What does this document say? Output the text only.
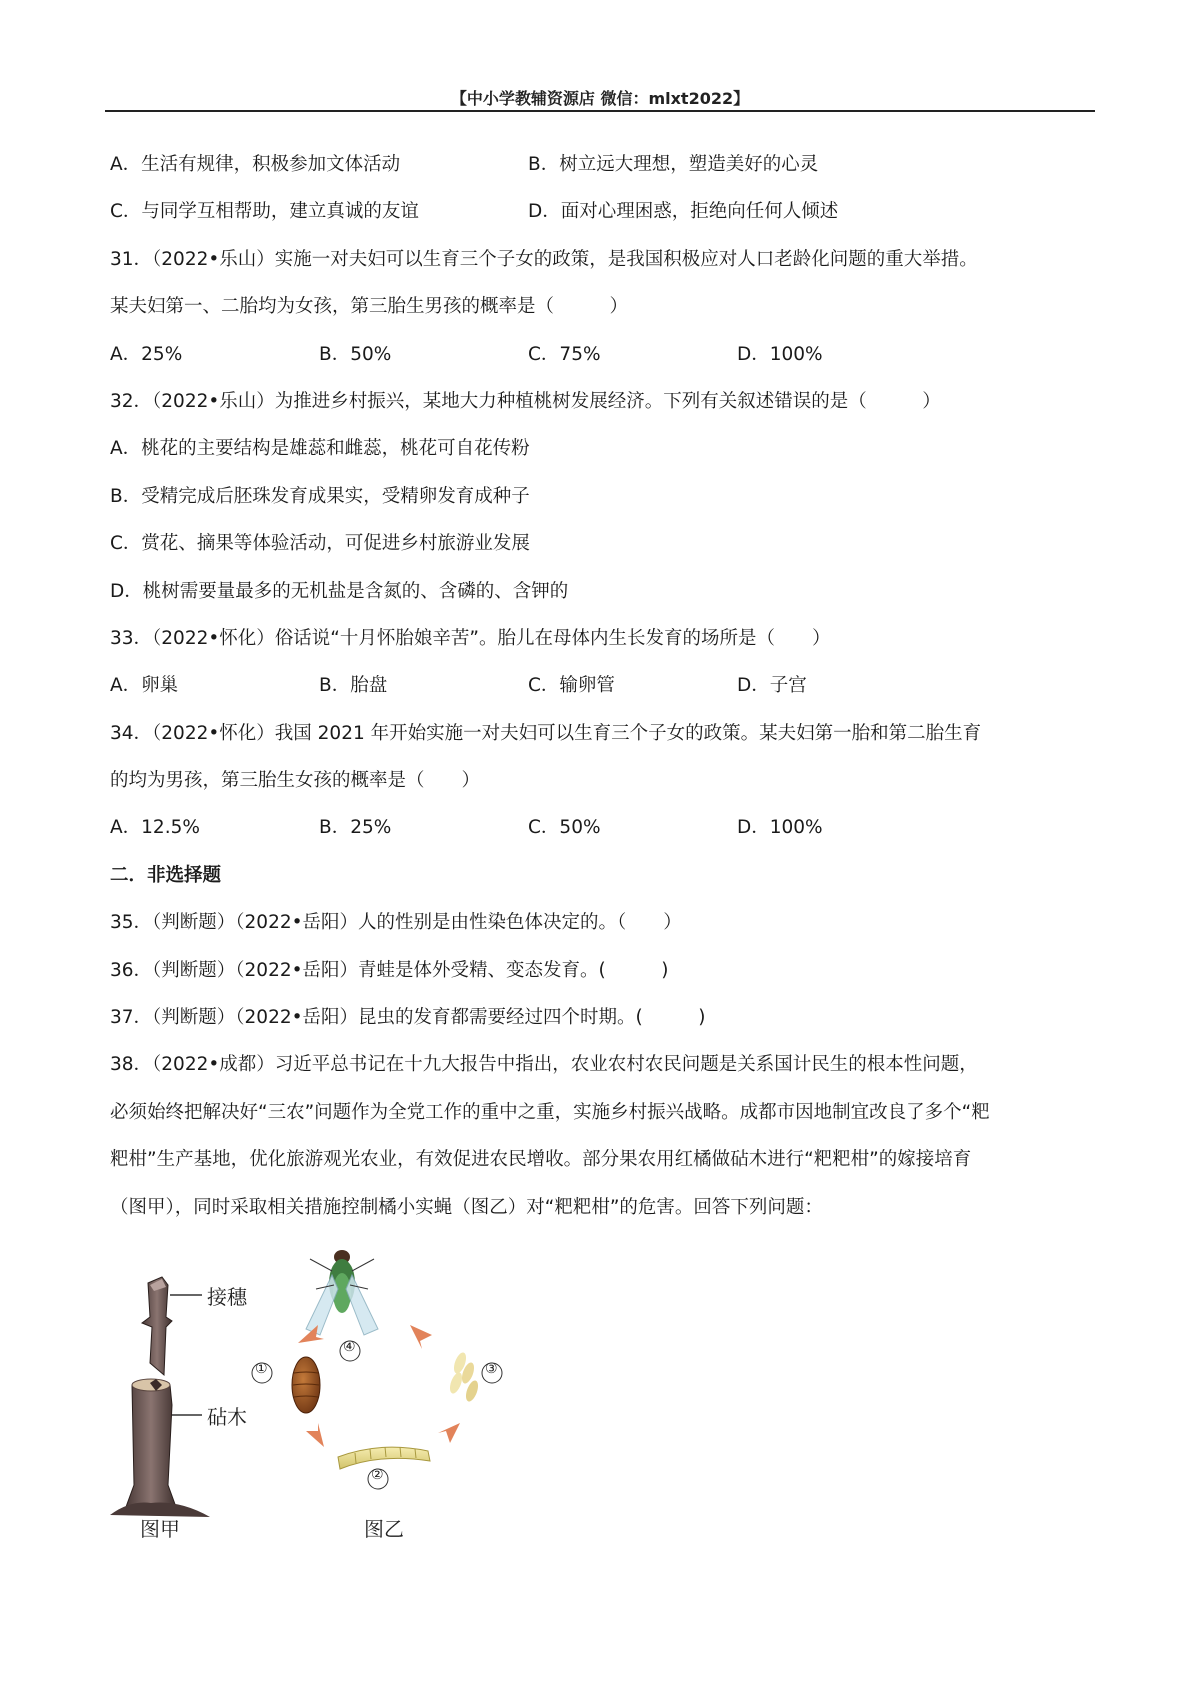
【中小学教辅资源店 微信：mlxt2022】
A．生活有规律，积极参加文体活动	B．树立远大理想，塑造美好的心灵
C．与同学互相帮助，建立真诚的友谊	D．面对心理困惑，拒绝向任何人倾述
31．（2022•乐山）实施一对夫妇可以生育三个子女的政策，是我国积极应对人口老龄化问题的重大举措。
某夫妇第一、二胎均为女孩，第三胎生男孩的概率是（　　　）
A．25%	B．50%	C．75%	D．100%
32．（2022•乐山）为推进乡村振兴，某地大力种植桃树发展经济。下列有关叙述错误的是（　　　）
A．桃花的主要结构是雄蕊和雌蕊，桃花可自花传粉
B．受精完成后胚珠发育成果实，受精卵发育成种子
C．赏花、摘果等体验活动，可促进乡村旅游业发展
D．桃树需要量最多的无机盐是含氮的、含磷的、含钾的
33．（2022•怀化）俗话说“十月怀胎娘辛苦”。胎儿在母体内生长发育的场所是（　　）
A．卵巢	B．胎盘	C．输卵管	D．子宫
34．（2022•怀化）我国 2021 年开始实施一对夫妇可以生育三个子女的政策。某夫妇第一胎和第二胎生育
的均为男孩，第三胎生女孩的概率是（　　）
A．12.5%	B．25%	C．50%	D．100%
二．非选择题
35．（判断题）（2022•岳阳）人的性别是由性染色体决定的。（　　）
36．（判断题）（2022•岳阳）青蛙是体外受精、变态发育。(　　　)
37．（判断题）（2022•岳阳）昆虫的发育都需要经过四个时期。(　　　)
38．（2022•成都）习近平总书记在十九大报告中指出，农业农村农民问题是关系国计民生的根本性问题，
必须始终把解决好“三农”问题作为全党工作的重中之重，实施乡村振兴战略。成都市因地制宜改良了多个“粑
粑柑”生产基地，优化旅游观光农业，有效促进农民增收。部分果农用红橘做砧木进行“粑粑柑”的嫁接培育
（图甲），同时采取相关措施控制橘小实蝇（图乙）对“粑粑柑”的危害。回答下列问题：
接穗
砧木
图甲	图乙
①
②
③
④
